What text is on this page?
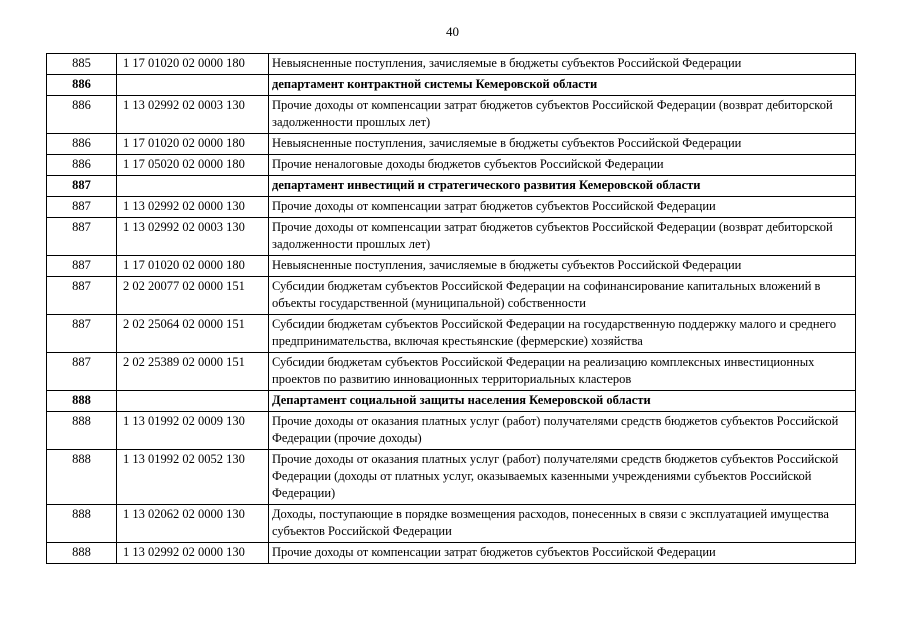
40
885	1 17 01020 02 0000 180	Невыясненные поступления, зачисляемые в бюджеты субъектов Российской Федерации
886		департамент контрактной системы Кемеровской области
886	1 13 02992 02 0003 130	Прочие доходы от компенсации затрат бюджетов субъектов Российской Федерации (возврат дебиторской задолженности прошлых лет)
886	1 17 01020 02 0000 180	Невыясненные поступления, зачисляемые в бюджеты субъектов Российской Федерации
886	1 17 05020 02 0000 180	Прочие неналоговые доходы бюджетов субъектов Российской Федерации
887		департамент инвестиций и стратегического развития Кемеровской области
887	1 13 02992 02 0000 130	Прочие доходы от компенсации затрат бюджетов субъектов Российской Федерации
887	1 13 02992 02 0003 130	Прочие доходы от компенсации затрат бюджетов субъектов Российской Федерации (возврат дебиторской задолженности прошлых лет)
887	1 17 01020 02 0000 180	Невыясненные поступления, зачисляемые в бюджеты субъектов Российской Федерации
887	2 02 20077 02 0000 151	Субсидии бюджетам субъектов Российской Федерации на софинансирование капитальных вложений в объекты государственной (муниципальной) собственности
887	2 02 25064 02 0000 151	Субсидии бюджетам субъектов Российской Федерации на государственную поддержку малого и среднего предпринимательства, включая крестьянские (фермерские) хозяйства
887	2 02 25389 02 0000 151	Субсидии бюджетам субъектов Российской Федерации на реализацию комплексных инвестиционных проектов по развитию инновационных территориальных кластеров
888		Департамент социальной защиты населения Кемеровской области
888	1 13 01992 02 0009 130	Прочие доходы от оказания платных услуг (работ) получателями средств бюджетов субъектов Российской Федерации (прочие доходы)
888	1 13 01992 02 0052 130	Прочие доходы от оказания платных услуг (работ) получателями средств бюджетов субъектов Российской Федерации (доходы от платных услуг, оказываемых казенными учреждениями субъектов Российской Федерации)
888	1 13 02062 02 0000 130	Доходы, поступающие в порядке возмещения расходов, понесенных в связи с эксплуатацией имущества субъектов Российской Федерации
888	1 13 02992 02 0000 130	Прочие доходы от компенсации затрат бюджетов субъектов Российской Федерации
